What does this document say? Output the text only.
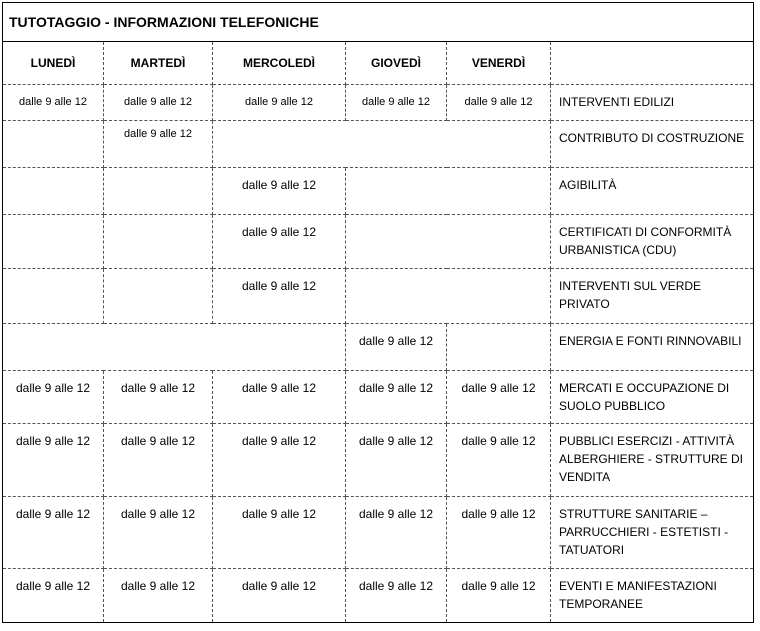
TUTOTAGGIO - INFORMAZIONI TELEFONICHE					
LUNEDÌ	MARTEDÌ	MERCOLEDÌ	GIOVEDÌ	VENERDÌ	
dalle 9 alle 12	dalle 9 alle 12	dalle 9 alle 12	dalle 9 alle 12	dalle 9 alle 12	INTERVENTI EDILIZI
	dalle 9 alle 12				CONTRIBUTO DI COSTRUZIONE
		dalle 9 alle 12			AGIBILITÀ
		dalle 9 alle 12			CERTIFICATI DI CONFORMITÀ URBANISTICA (CDU)
		dalle 9 alle 12			INTERVENTI SUL VERDE PRIVATO
			dalle 9 alle 12		ENERGIA E FONTI RINNOVABILI
dalle 9 alle 12	dalle 9 alle 12	dalle 9 alle 12	dalle 9 alle 12	dalle 9 alle 12	MERCATI E OCCUPAZIONE DI SUOLO PUBBLICO
dalle 9 alle 12	dalle 9 alle 12	dalle 9 alle 12	dalle 9 alle 12	dalle 9 alle 12	PUBBLICI ESERCIZI - ATTIVITÀ ALBERGHIERE - STRUTTURE DI VENDITA
dalle 9 alle 12	dalle 9 alle 12	dalle 9 alle 12	dalle 9 alle 12	dalle 9 alle 12	STRUTTURE SANITARIE – PARRUCCHIERI - ESTETISTI - TATUATORI
dalle 9 alle 12	dalle 9 alle 12	dalle 9 alle 12	dalle 9 alle 12	dalle 9 alle 12	EVENTI E MANIFESTAZIONI TEMPORANEE
